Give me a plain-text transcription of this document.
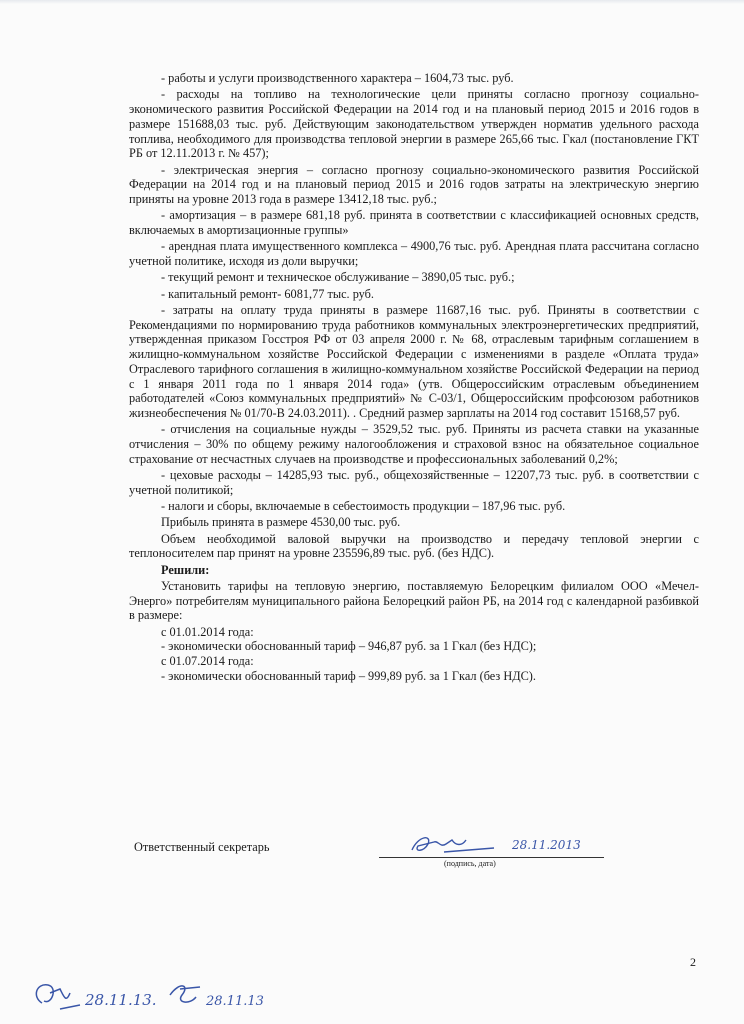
- работы и услуги производственного характера – 1604,73 тыс. руб.

- расходы на топливо на технологические цели приняты согласно прогнозу социально-экономического развития Российской Федерации на 2014 год и на плановый период 2015 и 2016 годов в размере 151688,03 тыс. руб. Действующим законодательством утвержден норматив удельного расхода топлива, необходимого для производства тепловой энергии в размере 265,66 тыс. Гкал (постановление ГКТ РБ от 12.11.2013 г. № 457);

- электрическая энергия – согласно прогнозу социально-экономического развития Российской Федерации на 2014 год и на плановый период 2015 и 2016 годов затраты на электрическую энергию приняты на уровне 2013 года в размере 13412,18 тыс. руб.;

- амортизация – в размере 681,18 руб. принята в соответствии с классификацией основных средств, включаемых в амортизационные группы»

- арендная плата имущественного комплекса – 4900,76 тыс. руб. Арендная плата рассчитана согласно учетной политике, исходя из доли выручки;

- текущий ремонт и техническое обслуживание – 3890,05 тыс. руб.;

- капитальный ремонт- 6081,77 тыс. руб.

- затраты на оплату труда приняты в размере 11687,16 тыс. руб. Приняты в соответствии с Рекомендациями по нормированию труда работников коммунальных электроэнергетических предприятий, утвержденная приказом Госстроя РФ от 03 апреля 2000 г. № 68, отраслевым тарифным соглашением в жилищно-коммунальном хозяйстве Российской Федерации с изменениями в разделе «Оплата труда» Отраслевого тарифного соглашения в жилищно-коммунальном хозяйстве Российской Федерации на период с 1 января 2011 года по 1 января 2014 года» (утв. Общероссийским отраслевым объединением работодателей «Союз коммунальных предприятий» № С-03/1, Общероссийским профсоюзом работников жизнеобеспечения № 01/70-В 24.03.2011). . Средний размер зарплаты на 2014 год составит 15168,57 руб.

- отчисления на социальные нужды – 3529,52 тыс. руб. Приняты из расчета ставки на указанные отчисления – 30% по общему режиму налогообложения и страховой взнос на обязательное социальное страхование от несчастных случаев на производстве и профессиональных заболеваний 0,2%;

- цеховые расходы – 14285,93 тыс. руб., общехозяйственные – 12207,73 тыс. руб. в соответствии с учетной политикой;

- налоги и сборы, включаемые в себестоимость продукции – 187,96 тыс. руб.

Прибыль принята в размере 4530,00 тыс. руб.

Объем необходимой валовой выручки на производство и передачу тепловой энергии с теплоносителем пар принят на уровне 235596,89 тыс. руб. (без НДС).

Решили:

Установить тарифы на тепловую энергию, поставляемую Белорецким филиалом ООО «Мечел-Энерго» потребителям муниципального района Белорецкий район РБ, на 2014 год с календарной разбивкой в размере:

с 01.01.2014 года:

- экономически обоснованный тариф – 946,87 руб. за 1 Гкал (без НДС);

с 01.07.2014 года:

- экономически обоснованный тариф – 999,89 руб. за 1 Гкал (без НДС).

Ответственный секретарь	28.11.2013
(подпись, дата)
2
28.11.13.	28.11.13
